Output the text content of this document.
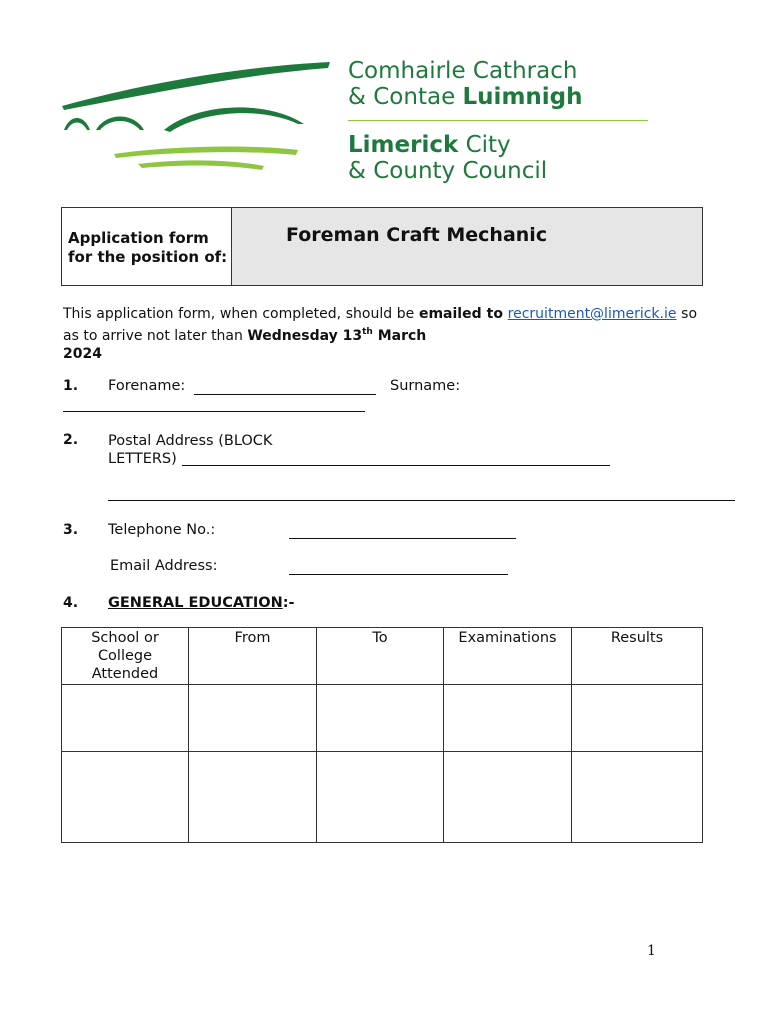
Comhairle Cathrach
& Contae Luimnigh
Limerick City
& County Council
Application form
for the position of:
Foreman Craft Mechanic
This application form, when completed, should be emailed to recruitment@limerick.ie so as to arrive not later than Wednesday 13th March
2024
1. Forename:	Surname:
2. Postal Address (BLOCK
LETTERS)
3. Telephone No.:
Email Address:
4. GENERAL EDUCATION:-
School or College Attended	From	To	Examinations	Results

1
